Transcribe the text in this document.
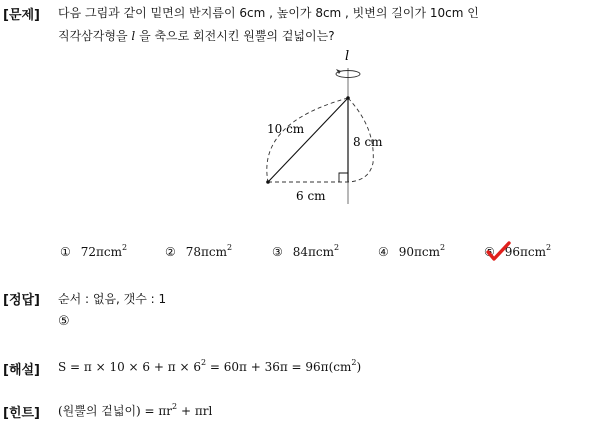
[문제] 다음 그림과 같이 밑면의 반지름이 6cm , 높이가 8cm , 빗변의 길이가 10cm 인
직각삼각형을 l 을 축으로 회전시킨 원뿔의 겉넓이는?
l
10 cm
8 cm
6 cm
① 72πcm$^2$	② 78πcm$^2$	③ 84πcm$^2$	④ 90πcm$^2$	⑤ 96πcm$^2$
[정답] 순서 : 없음, 갯수 : 1
⑤
[해설] $S = \pi \times 10 \times 6 + \pi \times 6^2 = 60\pi + 36\pi = 96\pi(cm^2)$
[힌트] (원뿔의 겉넓이) = $\pi r^2 + \pi rl$
